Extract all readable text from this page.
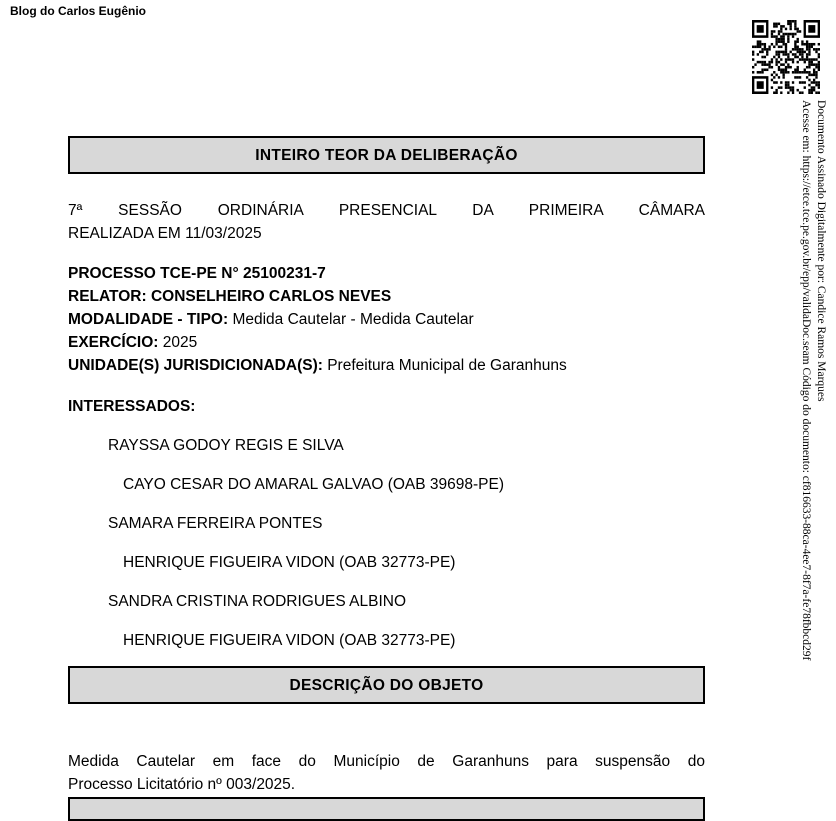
Blog do Carlos Eugênio
Documento Assinado Digitalmente por: Candice Ramos Marques
Acesse em: https://etce.tce.pe.gov.br/epp/validaDoc.seam Código do documento: cf816633-88ca-4ee7-8f7a-fe78fbbcd29f
INTEIRO TEOR DA DELIBERAÇÃO
7ª SESSÃO ORDINÁRIA PRESENCIAL DA PRIMEIRA CÂMARA
REALIZADA EM 11/03/2025
PROCESSO TCE-PE N° 25100231-7
RELATOR: CONSELHEIRO CARLOS NEVES
MODALIDADE - TIPO: Medida Cautelar - Medida Cautelar
EXERCÍCIO: 2025
UNIDADE(S) JURISDICIONADA(S): Prefeitura Municipal de Garanhuns
INTERESSADOS:
RAYSSA GODOY REGIS E SILVA
CAYO CESAR DO AMARAL GALVAO (OAB 39698-PE)
SAMARA FERREIRA PONTES
HENRIQUE FIGUEIRA VIDON (OAB 32773-PE)
SANDRA CRISTINA RODRIGUES ALBINO
HENRIQUE FIGUEIRA VIDON (OAB 32773-PE)
DESCRIÇÃO DO OBJETO
Medida Cautelar em face do Município de Garanhuns para suspensão do
Processo Licitatório nº 003/2025.
